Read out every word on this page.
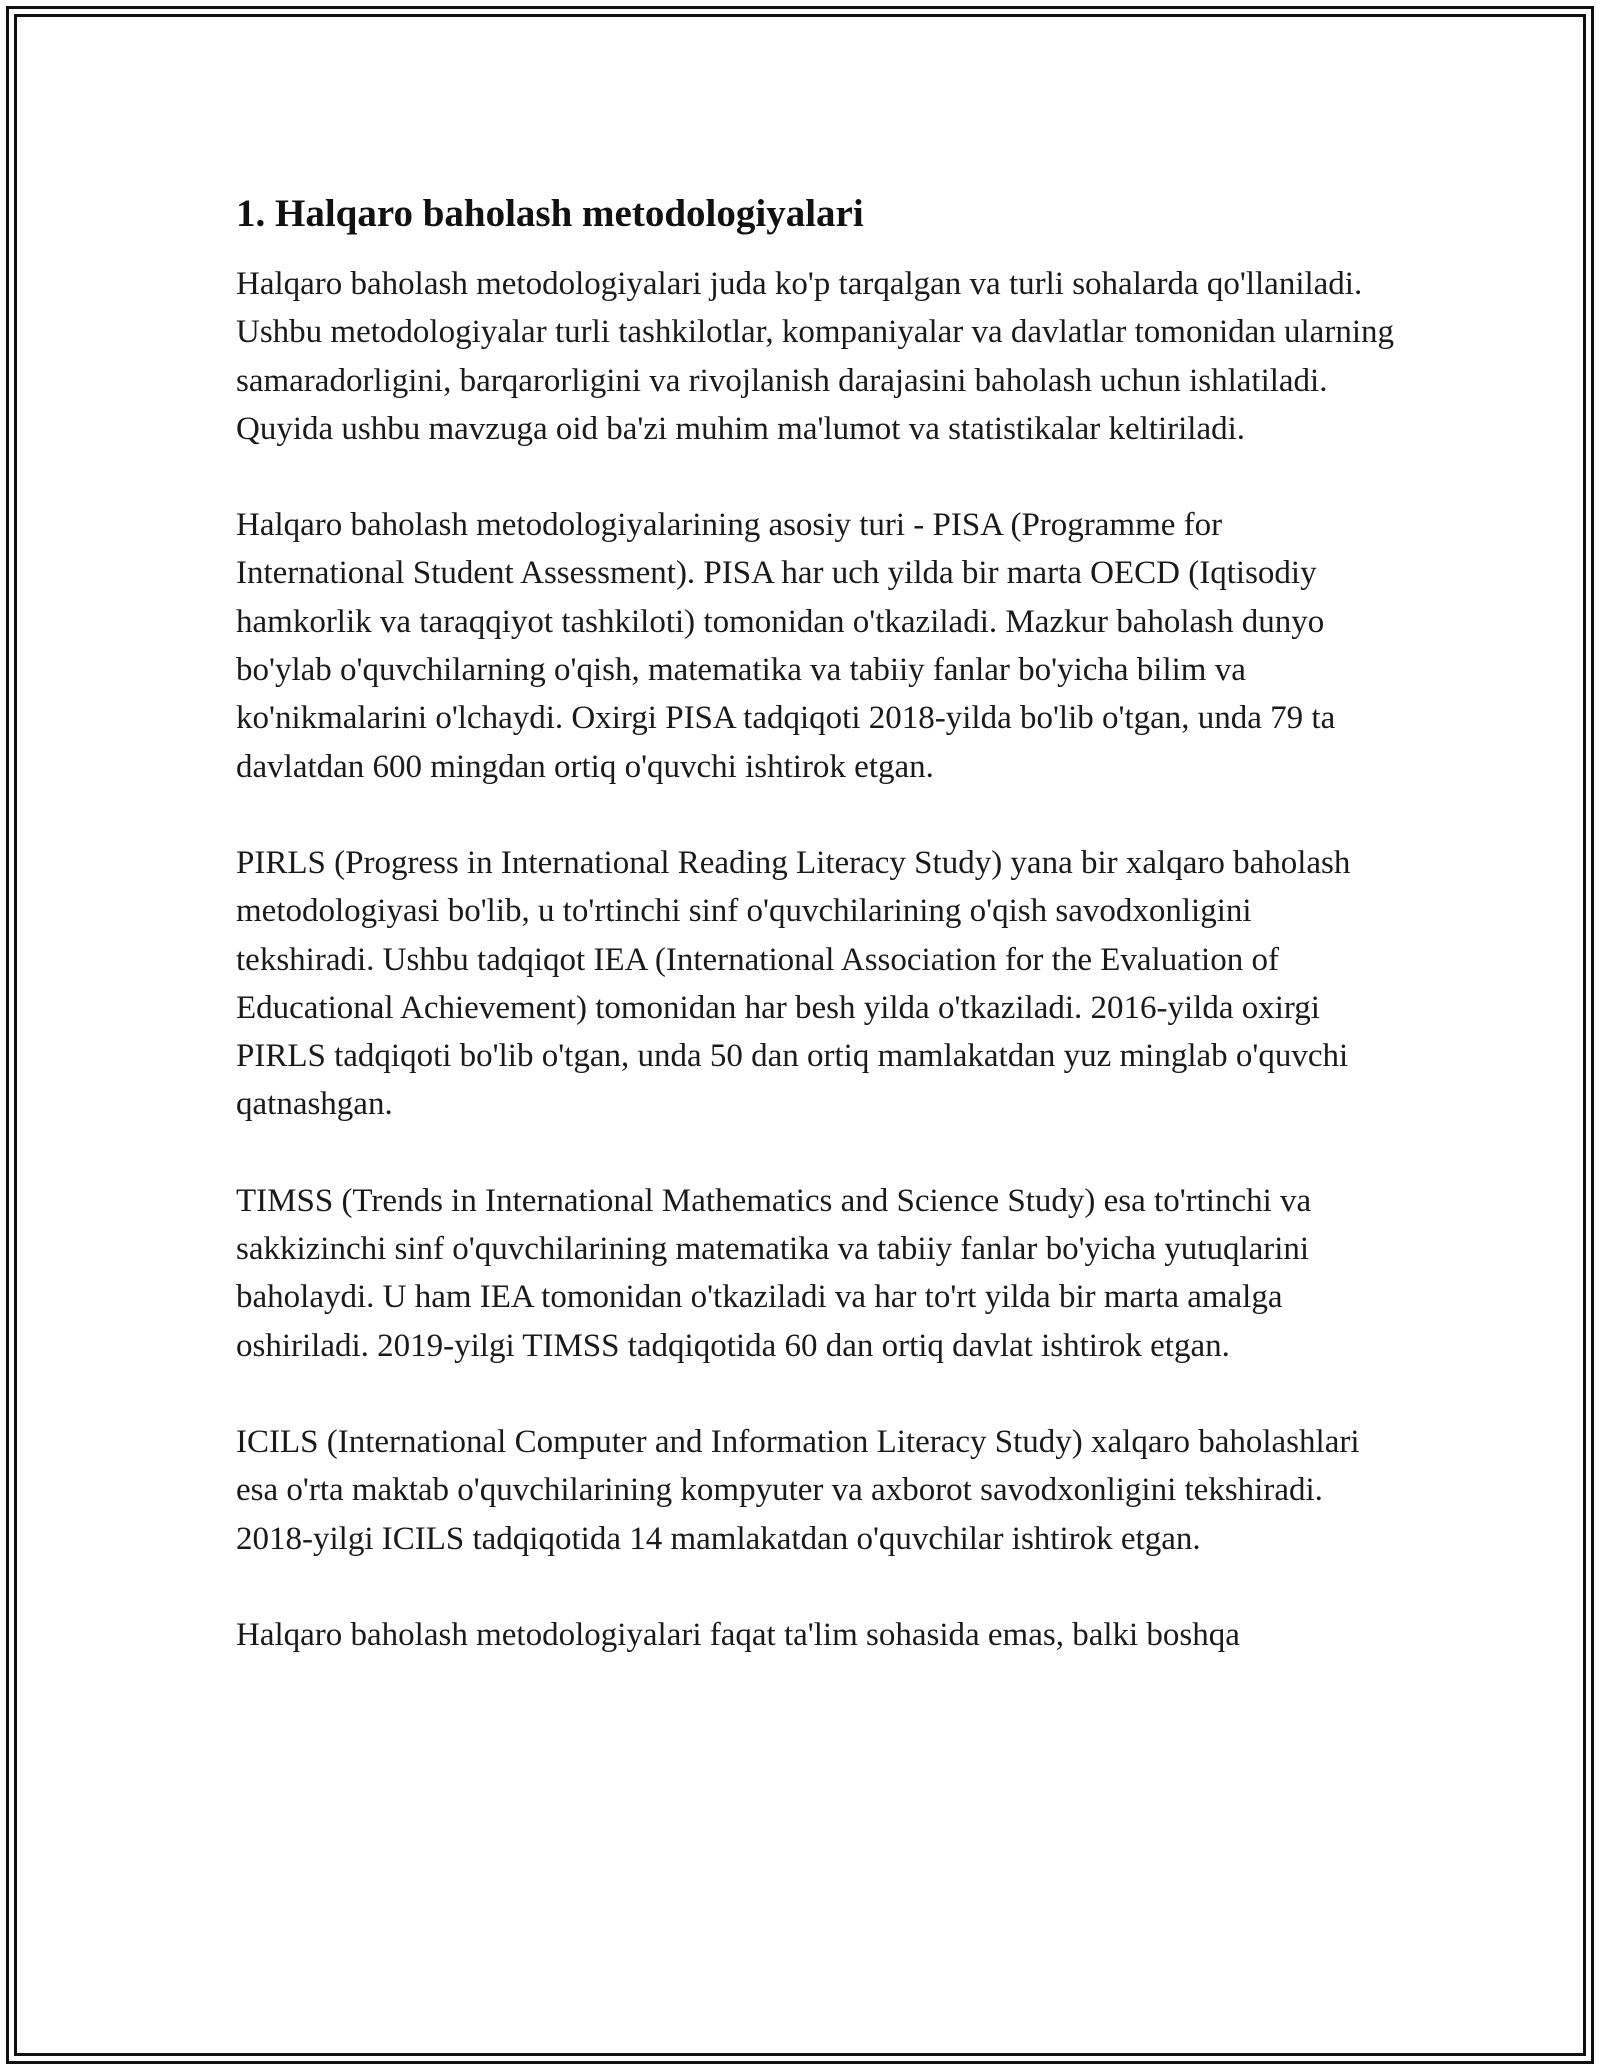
1. Halqaro baholash metodologiyalari

Halqaro baholash metodologiyalari juda ko'p tarqalgan va turli sohalarda qo'llaniladi. Ushbu metodologiyalar turli tashkilotlar, kompaniyalar va davlatlar tomonidan ularning samaradorligini, barqarorligini va rivojlanish darajasini baholash uchun ishlatiladi. Quyida ushbu mavzuga oid ba'zi muhim ma'lumot va statistikalar keltiriladi.

Halqaro baholash metodologiyalarining asosiy turi - PISA (Programme for International Student Assessment). PISA har uch yilda bir marta OECD (Iqtisodiy hamkorlik va taraqqiyot tashkiloti) tomonidan o'tkaziladi. Mazkur baholash dunyo bo'ylab o'quvchilarning o'qish, matematika va tabiiy fanlar bo'yicha bilim va ko'nikmalarini o'lchaydi. Oxirgi PISA tadqiqoti 2018-yilda bo'lib o'tgan, unda 79 ta davlatdan 600 mingdan ortiq o'quvchi ishtirok etgan.

PIRLS (Progress in International Reading Literacy Study) yana bir xalqaro baholash metodologiyasi bo'lib, u to'rtinchi sinf o'quvchilarining o'qish savodxonligini tekshiradi. Ushbu tadqiqot IEA (International Association for the Evaluation of Educational Achievement) tomonidan har besh yilda o'tkaziladi. 2016-yilda oxirgi PIRLS tadqiqoti bo'lib o'tgan, unda 50 dan ortiq mamlakatdan yuz minglab o'quvchi qatnashgan.

TIMSS (Trends in International Mathematics and Science Study) esa to'rtinchi va sakkizinchi sinf o'quvchilarining matematika va tabiiy fanlar bo'yicha yutuqlarini baholaydi. U ham IEA tomonidan o'tkaziladi va har to'rt yilda bir marta amalga oshiriladi. 2019-yilgi TIMSS tadqiqotida 60 dan ortiq davlat ishtirok etgan.

ICILS (International Computer and Information Literacy Study) xalqaro baholashlari esa o'rta maktab o'quvchilarining kompyuter va axborot savodxonligini tekshiradi. 2018-yilgi ICILS tadqiqotida 14 mamlakatdan o'quvchilar ishtirok etgan.

Halqaro baholash metodologiyalari faqat ta'lim sohasida emas, balki boshqa
